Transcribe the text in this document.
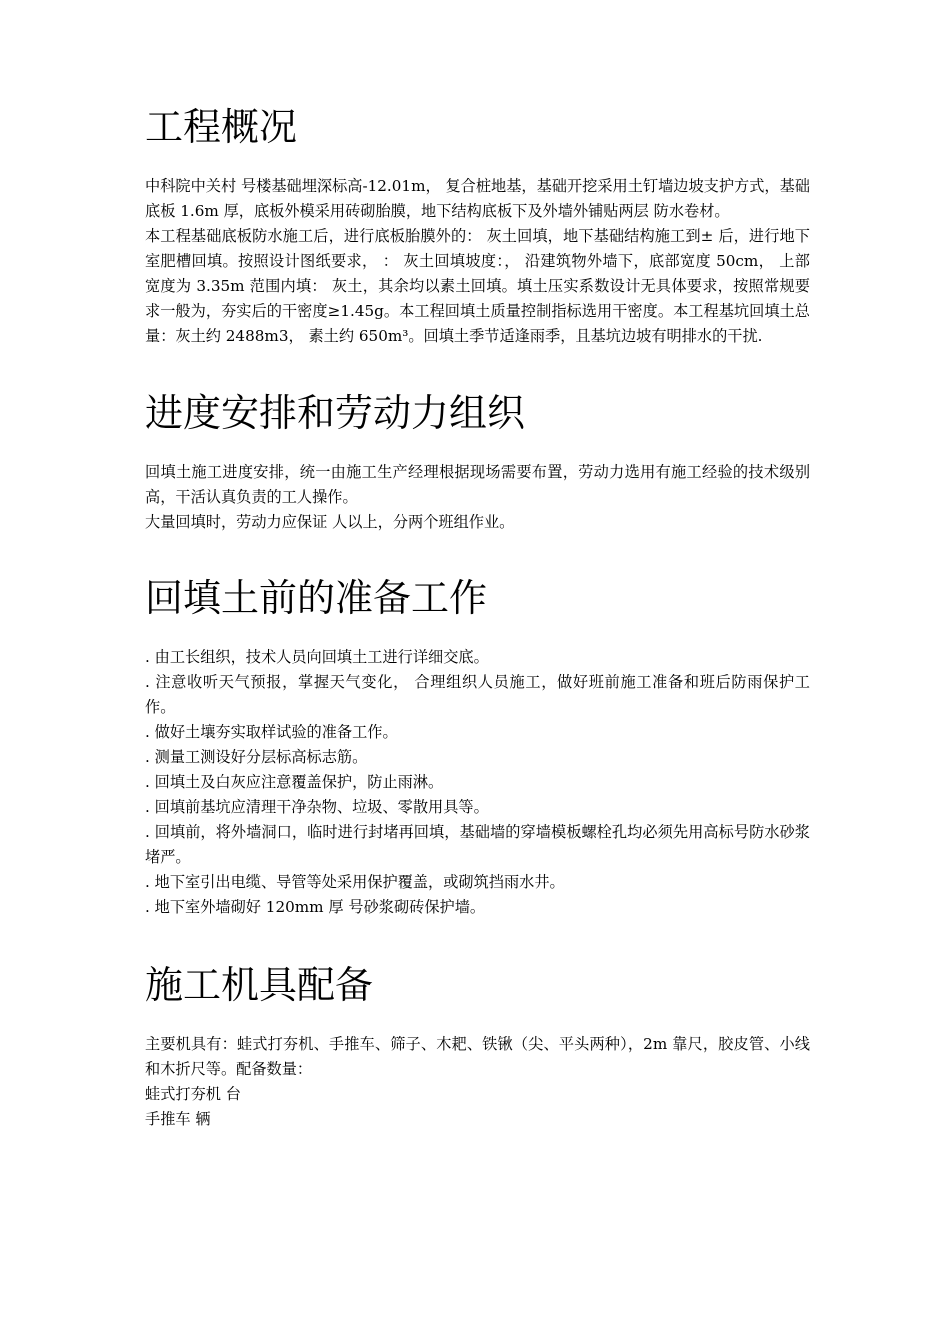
工程概况

中科院中关村 号楼基础埋深标高-12.01m， 复合桩地基，基础开挖采用土钉墙边坡支护方式，基础底板 1.6m 厚，底板外模采用砖砌胎膜，地下结构底板下及外墙外铺贴两层 防水卷材。

本工程基础底板防水施工后，进行底板胎膜外的： 灰土回填，地下基础结构施工到± 后，进行地下室肥槽回填。按照设计图纸要求， ： 灰土回填坡度：， 沿建筑物外墙下，底部宽度 50cm， 上部宽度为 3.35m 范围内填： 灰土，其余均以素土回填。填土压实系数设计无具体要求，按照常规要求一般为，夯实后的干密度≥1.45g。本工程回填土质量控制指标选用干密度。本工程基坑回填土总量：灰土约 2488m3， 素土约 650m³。回填土季节适逢雨季，且基坑边坡有明排水的干扰.

进度安排和劳动力组织

回填土施工进度安排，统一由施工生产经理根据现场需要布置，劳动力选用有施工经验的技术级别高，干活认真负责的工人操作。

大量回填时，劳动力应保证 人以上，分两个班组作业。

回填土前的准备工作

. 由工长组织，技术人员向回填土工进行详细交底。

. 注意收听天气预报，掌握天气变化， 合理组织人员施工，做好班前施工准备和班后防雨保护工作。

. 做好土壤夯实取样试验的准备工作。

. 测量工测设好分层标高标志筋。

. 回填土及白灰应注意覆盖保护，防止雨淋。

. 回填前基坑应清理干净杂物、垃圾、零散用具等。

. 回填前，将外墙洞口，临时进行封堵再回填，基础墙的穿墙模板螺栓孔均必须先用高标号防水砂浆堵严。

. 地下室引出电缆、导管等处采用保护覆盖，或砌筑挡雨水井。

. 地下室外墙砌好 120mm 厚 号砂浆砌砖保护墙。

施工机具配备

主要机具有：蛙式打夯机、手推车、筛子、木耙、铁锹（尖、平头两种），2m 靠尺，胶皮管、小线和木折尺等。配备数量：

蛙式打夯机 台

手推车 辆
